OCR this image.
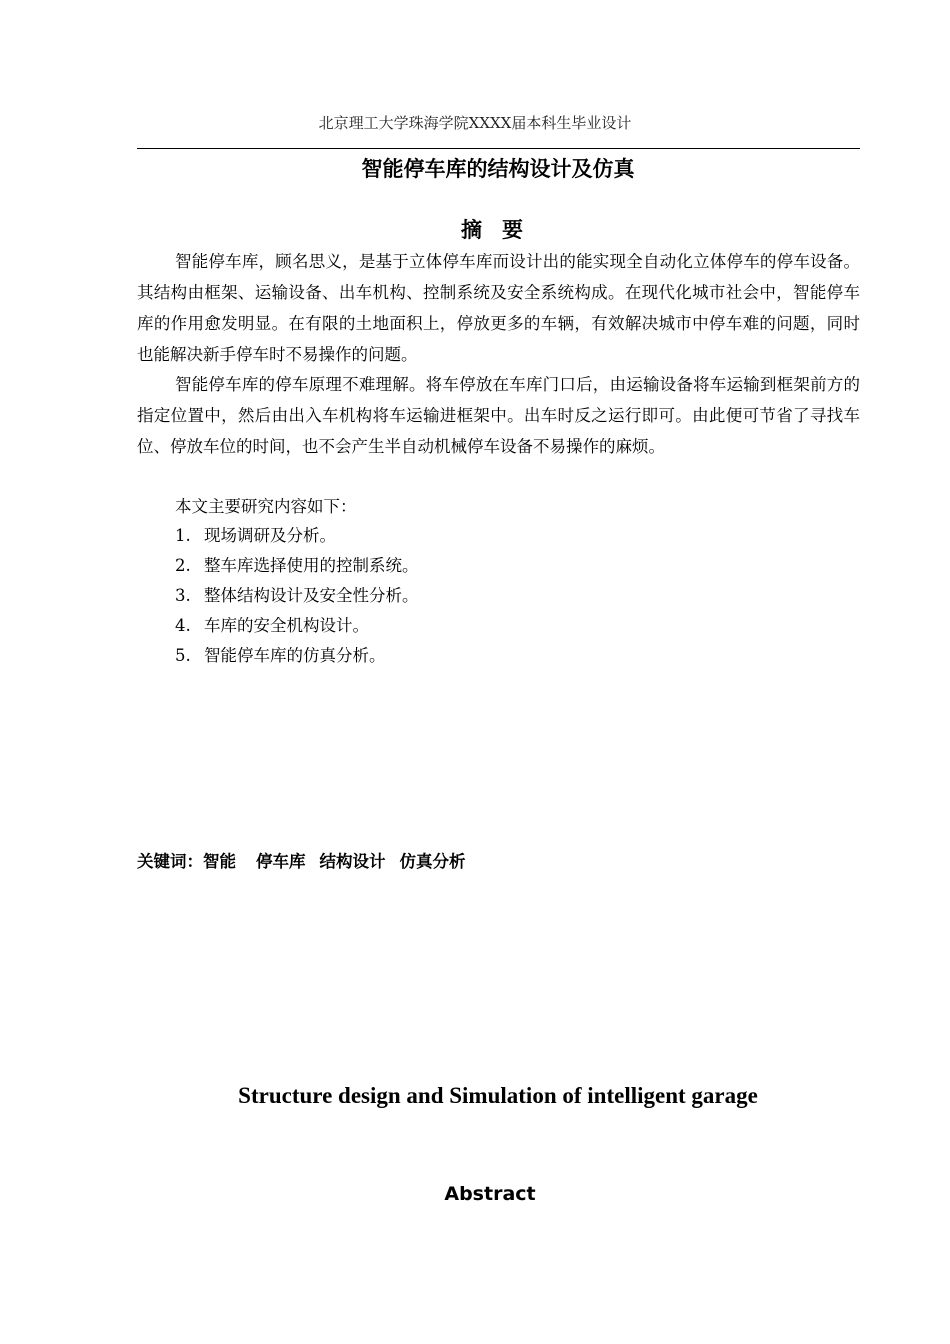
北京理工大学珠海学院XXXX届本科生毕业设计
智能停车库的结构设计及仿真
摘要

智能停车库，顾名思义，是基于立体停车库而设计出的能实现全自动化立体停车的停车设备。其结构由框架、运输设备、出车机构、控制系统及安全系统构成。在现代化城市社会中，智能停车库的作用愈发明显。在有限的土地面积上，停放更多的车辆，有效解决城市中停车难的问题，同时也能解决新手停车时不易操作的问题。

智能停车库的停车原理不难理解。将车停放在车库门口后，由运输设备将车运输到框架前方的指定位置中，然后由出入车机构将车运输进框架中。出车时反之运行即可。由此便可节省了寻找车位、停放车位的时间，也不会产生半自动机械停车设备不易操作的麻烦。

本文主要研究内容如下：
1. 现场调研及分析。
2. 整车库选择使用的控制系统。
3. 整体结构设计及安全性分析。
4. 车库的安全机构设计。
5. 智能停车库的仿真分析。
关键词：智能 停车库 结构设计 仿真分析
Structure design and Simulation of intelligent garage
Abstract
